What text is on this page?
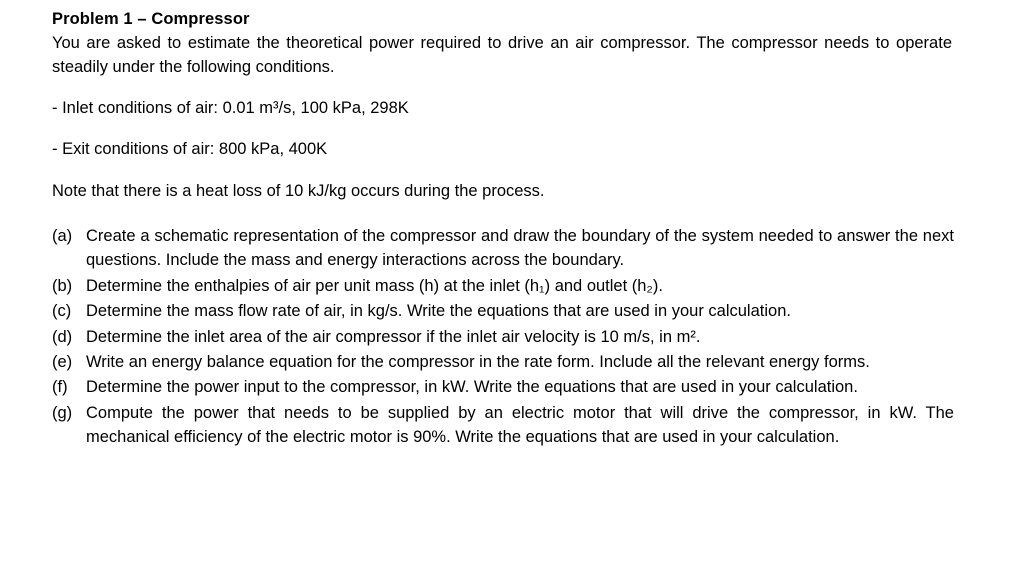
Problem 1 – Compressor

You are asked to estimate the theoretical power required to drive an air compressor. The compressor needs to operate steadily under the following conditions.

- Inlet conditions of air: 0.01 m³/s, 100 kPa, 298K

- Exit conditions of air: 800 kPa, 400K

Note that there is a heat loss of 10 kJ/kg occurs during the process.

(a) Create a schematic representation of the compressor and draw the boundary of the system needed to answer the next questions. Include the mass and energy interactions across the boundary.
(b) Determine the enthalpies of air per unit mass (h) at the inlet (h₁) and outlet (h₂).
(c) Determine the mass flow rate of air, in kg/s. Write the equations that are used in your calculation.
(d) Determine the inlet area of the air compressor if the inlet air velocity is 10 m/s, in m².
(e) Write an energy balance equation for the compressor in the rate form. Include all the relevant energy forms.
(f)	Determine the power input to the compressor, in kW. Write the equations that are used in your calculation.
(g) Compute the power that needs to be supplied by an electric motor that will drive the compressor, in kW. The mechanical efficiency of the electric motor is 90%. Write the equations that are used in your calculation.
